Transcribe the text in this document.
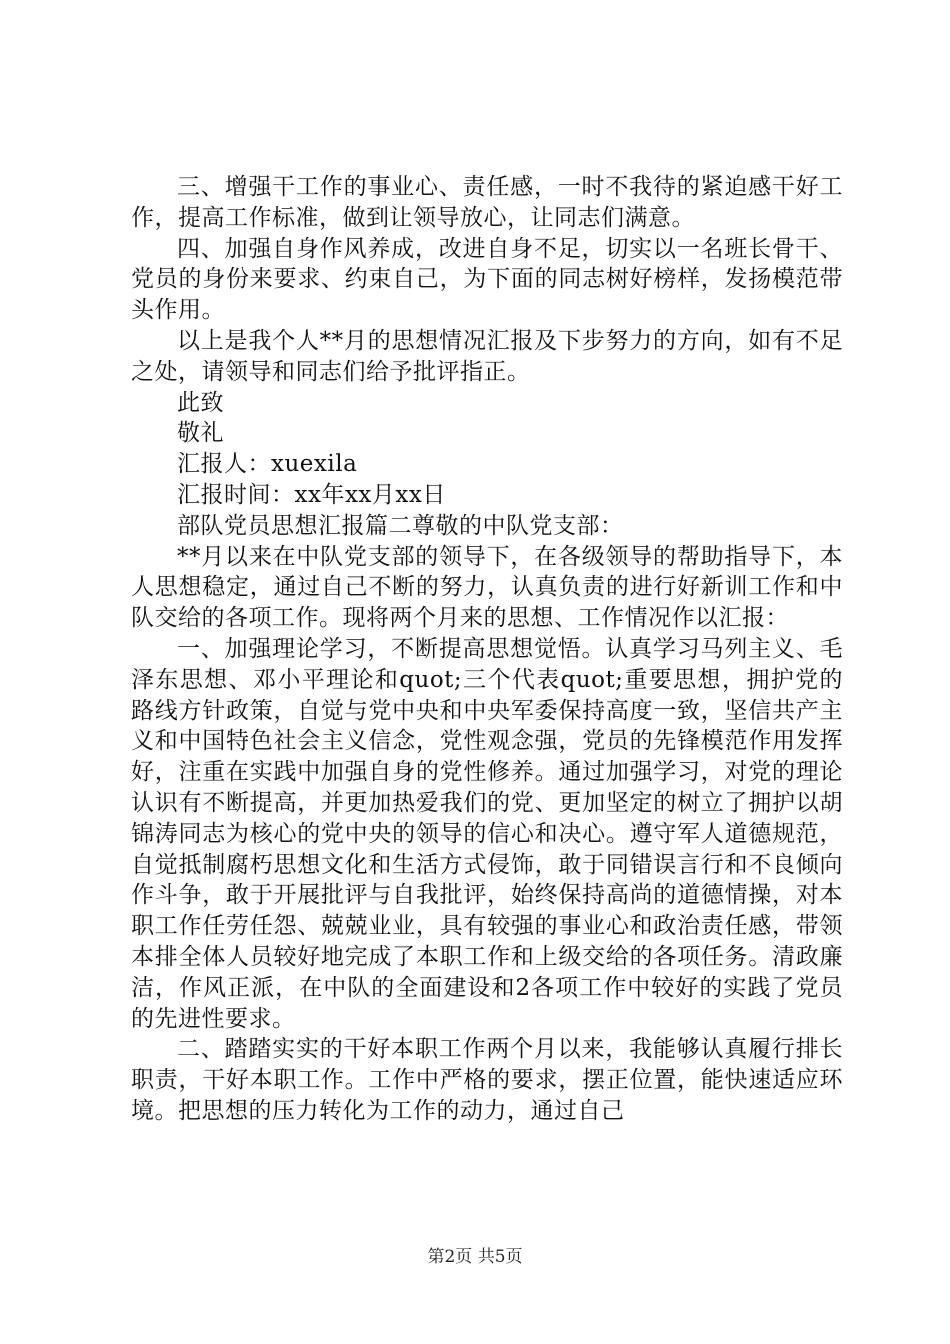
三、增强干工作的事业心、责任感，一时不我待的紧迫感干好工作，提高工作标准，做到让领导放心，让同志们满意。

四、加强自身作风养成，改进自身不足，切实以一名班长骨干、党员的身份来要求、约束自己，为下面的同志树好榜样，发扬模范带头作用。

以上是我个人**月的思想情况汇报及下步努力的方向，如有不足之处，请领导和同志们给予批评指正。

此致

敬礼

汇报人：xuexila

汇报时间：xx年xx月xx日

部队党员思想汇报篇二尊敬的中队党支部：

**月以来在中队党支部的领导下，在各级领导的帮助指导下，本人思想稳定，通过自己不断的努力，认真负责的进行好新训工作和中队交给的各项工作。现将两个月来的思想、工作情况作以汇报：

一、加强理论学习，不断提高思想觉悟。认真学习马列主义、毛泽东思想、邓小平理论和quot;三个代表quot;重要思想，拥护党的路线方针政策，自觉与党中央和中央军委保持高度一致，坚信共产主义和中国特色社会主义信念，党性观念强，党员的先锋模范作用发挥好，注重在实践中加强自身的党性修养。通过加强学习，对党的理论认识有不断提高，并更加热爱我们的党、更加坚定的树立了拥护以胡锦涛同志为核心的党中央的领导的信心和决心。遵守军人道德规范，自觉抵制腐朽思想文化和生活方式侵饰，敢于同错误言行和不良倾向作斗争，敢于开展批评与自我批评，始终保持高尚的道德情操，对本职工作任劳任怨、兢兢业业，具有较强的事业心和政治责任感，带领本排全体人员较好地完成了本职工作和上级交给的各项任务。清政廉洁，作风正派，在中队的全面建设和2各项工作中较好的实践了党员的先进性要求。

二、踏踏实实的干好本职工作两个月以来，我能够认真履行排长职责，干好本职工作。工作中严格的要求，摆正位置，能快速适应环境。把思想的压力转化为工作的动力，通过自己

第2页 共5页
